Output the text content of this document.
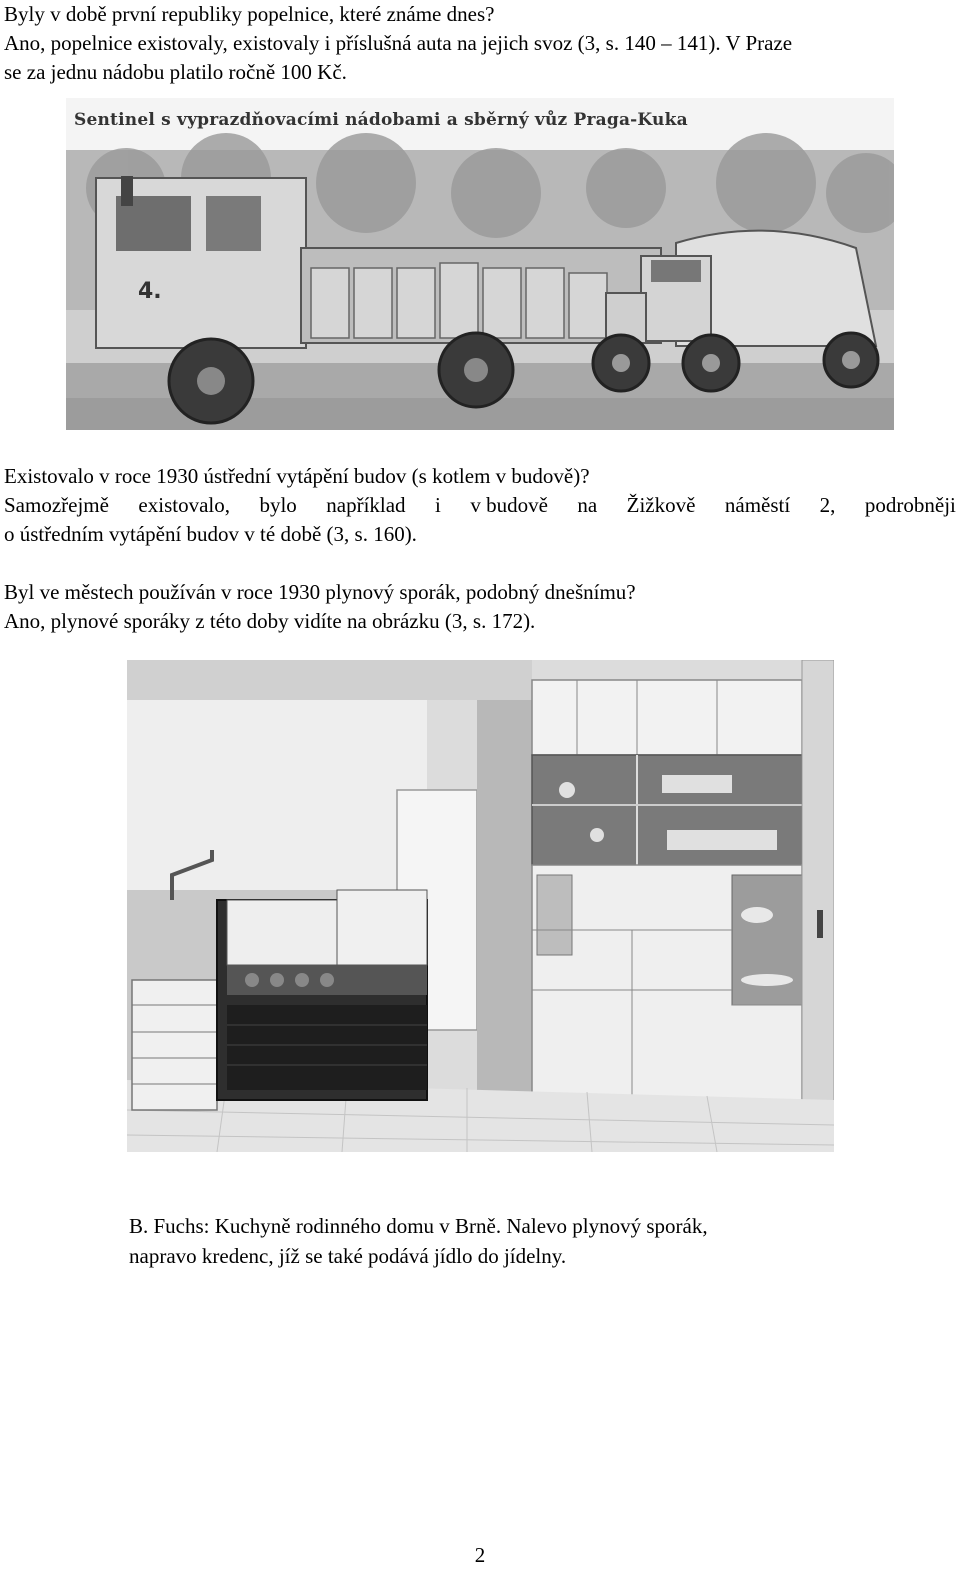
Byly v době první republiky popelnice, které známe dnes?
Ano, popelnice existovaly, existovaly i příslušná auta na jejich svoz (3, s. 140 – 141). V Praze
se za jednu nádobu platilo ročně 100 Kč.
Sentinel s vyprazdňovacími nádobami a sběrný vůz Praga-Kuka
4.
Existovalo v roce 1930 ústřední vytápění budov (s kotlem v budově)?
Samozřejmě existovalo, bylo například i v budově na Žižkově náměstí 2, podrobněji
o ústředním vytápění budov v té době (3, s. 160).
Byl ve městech používán v roce 1930 plynový sporák, podobný dnešnímu?
Ano, plynové sporáky z této doby vidíte na obrázku (3, s. 172).
B. Fuchs: Kuchyně rodinného domu v Brně. Nalevo plynový sporák,
napravo kredenc, jíž se také podává jídlo do jídelny.
2
